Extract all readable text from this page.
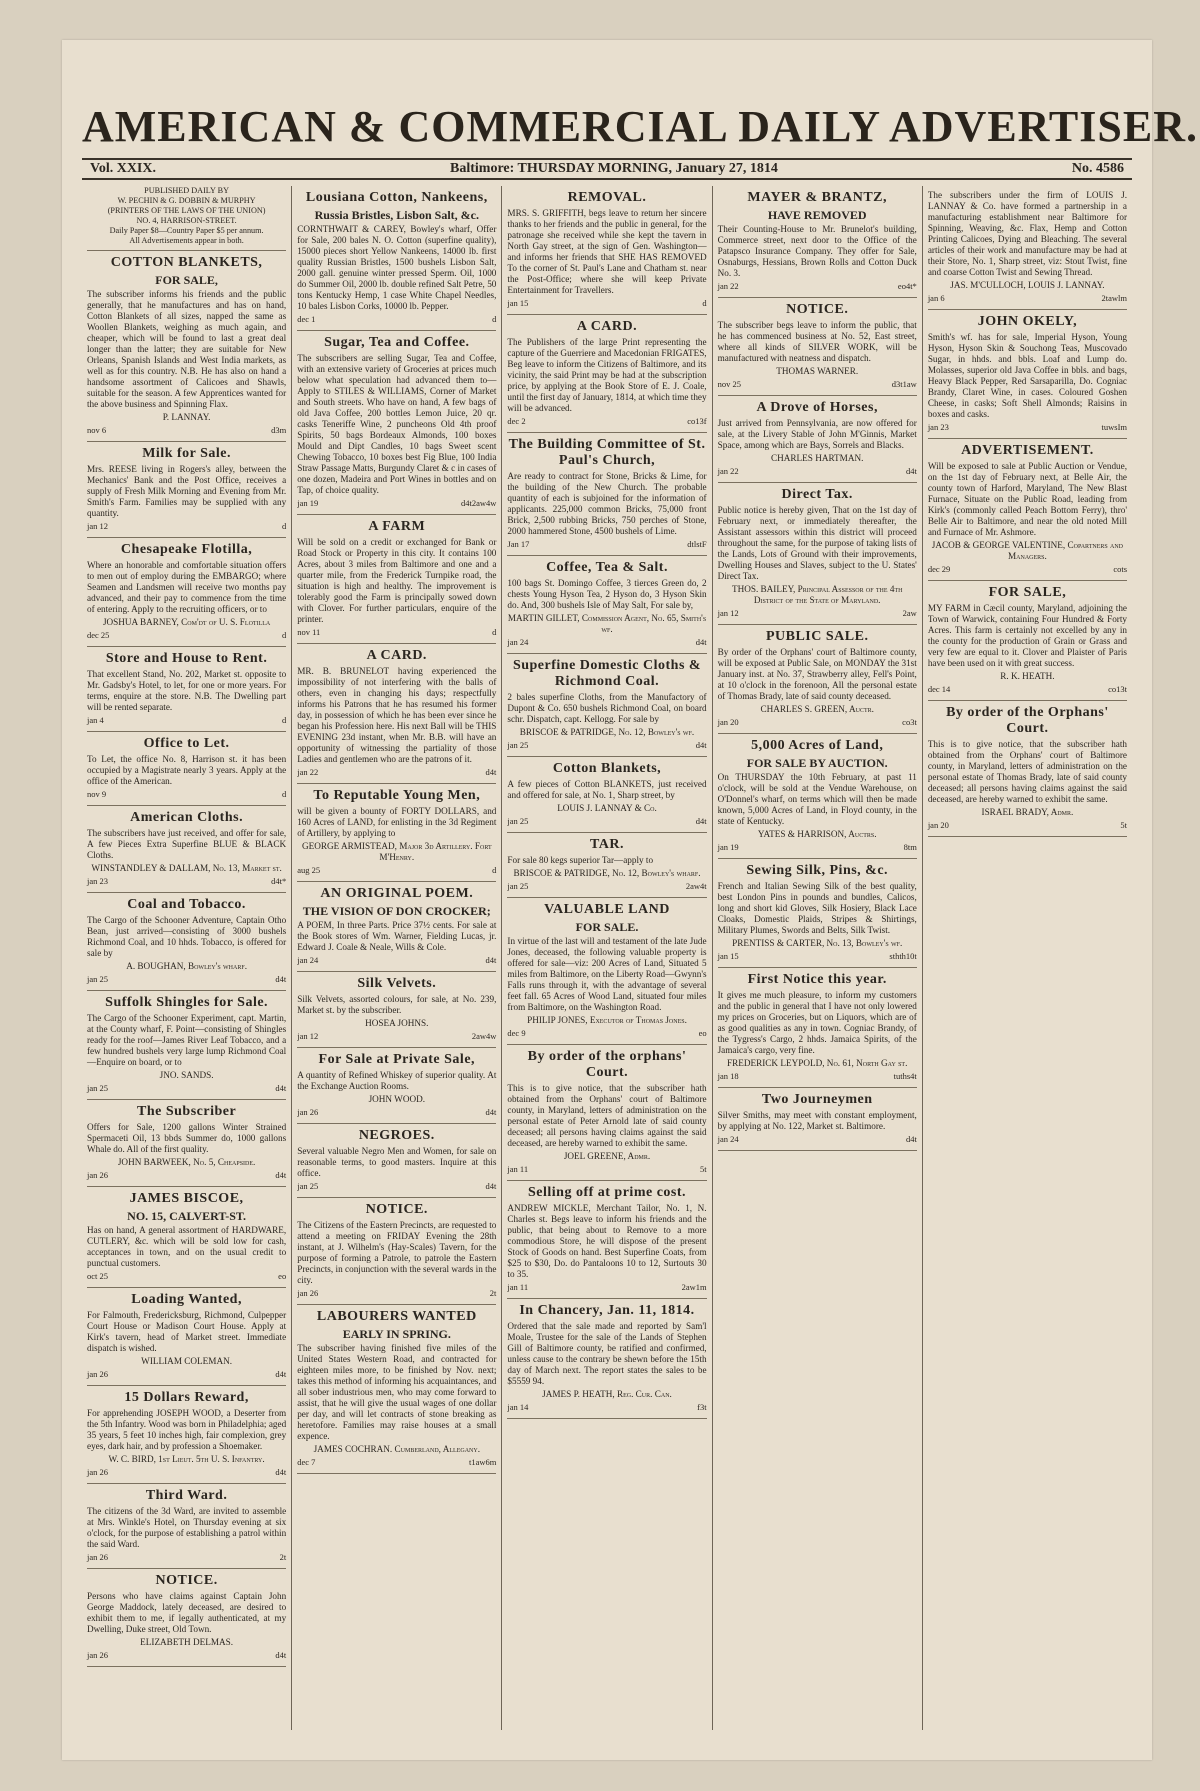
AMERICAN & COMMERCIAL DAILY ADVERTISER.
Vol. XXIX.	Baltimore: THURSDAY MORNING, January 27, 1814	No. 4586
PUBLISHED DAILY BY
W. PECHIN & G. DOBBIN & MURPHY
(PRINTERS OF THE LAWS OF THE UNION)
NO. 4, HARRISON-STREET.
Daily Paper $8—Country Paper $5 per annum.
All Advertisements appear in both.
COTTON BLANKETS,
FOR SALE,

The subscriber informs his friends and the public generally, that he manufactures and has on hand, Cotton Blankets of all sizes, napped the same as Woollen Blankets, weighing as much again, and cheaper, which will be found to last a great deal longer than the latter; they are suitable for New Orleans, Spanish Islands and West India markets, as well as for this country. N.B. He has also on hand a handsome assortment of Calicoes and Shawls, suitable for the season. A few Apprentices wanted for the above business and Spinning Flax.

P. LANNAY.
nov 6	d3m
Milk for Sale.

Mrs. REESE living in Rogers's alley, between the Mechanics' Bank and the Post Office, receives a supply of Fresh Milk Morning and Evening from Mr. Smith's Farm. Families may be supplied with any quantity.

jan 12	d
Chesapeake Flotilla,

Where an honorable and comfortable situation offers to men out of employ during the EMBARGO; where Seamen and Landsmen will receive two months pay advanced, and their pay to commence from the time of entering. Apply to the recruiting officers, or to

JOSHUA BARNEY, Com'dt of U. S. Flotilla
dec 25	d
Store and House to Rent.

That excellent Stand, No. 202, Market st. opposite to Mr. Gadsby's Hotel, to let, for one or more years. For terms, enquire at the store. N.B. The Dwelling part will be rented separate.

jan 4	d
Office to Let.

To Let, the office No. 8, Harrison st. it has been occupied by a Magistrate nearly 3 years. Apply at the office of the American.

nov 9	d
American Cloths.

The subscribers have just received, and offer for sale, A few Pieces Extra Superfine BLUE & BLACK Cloths.

WINSTANDLEY & DALLAM, No. 13, Market st.
jan 23	d4t*
Coal and Tobacco.

The Cargo of the Schooner Adventure, Captain Otho Bean, just arrived—consisting of 3000 bushels Richmond Coal, and 10 hhds. Tobacco, is offered for sale by

A. BOUGHAN, Bowley's wharf.
jan 25	d4t
Suffolk Shingles for Sale.

The Cargo of the Schooner Experiment, capt. Martin, at the County wharf, F. Point—consisting of Shingles ready for the roof—James River Leaf Tobacco, and a few hundred bushels very large lump Richmond Coal—Enquire on board, or to

JNO. SANDS.
jan 25	d4t
The Subscriber

Offers for Sale, 1200 gallons Winter Strained Spermaceti Oil, 13 bbds Summer do, 1000 gallons Whale do. All of the first quality.

JOHN BARWEEK, No. 5, Cheapside.
jan 26	d4t
JAMES BISCOE,
NO. 15, CALVERT-ST.

Has on hand, A general assortment of HARDWARE, CUTLERY, &c. which will be sold low for cash, acceptances in town, and on the usual credit to punctual customers.

oct 25	eo
Loading Wanted,

For Falmouth, Fredericksburg, Richmond, Culpepper Court House or Madison Court House. Apply at Kirk's tavern, head of Market street. Immediate dispatch is wished.

WILLIAM COLEMAN.
jan 26	d4t
15 Dollars Reward,

For apprehending JOSEPH WOOD, a Deserter from the 5th Infantry. Wood was born in Philadelphia; aged 35 years, 5 feet 10 inches high, fair complexion, grey eyes, dark hair, and by profession a Shoemaker.

W. C. BIRD, 1st Lieut. 5th U. S. Infantry.
jan 26	d4t
Third Ward.

The citizens of the 3d Ward, are invited to assemble at Mrs. Winkle's Hotel, on Thursday evening at six o'clock, for the purpose of establishing a patrol within the said Ward.

jan 26	2t
NOTICE.

Persons who have claims against Captain John George Maddock, lately deceased, are desired to exhibit them to me, if legally authenticated, at my Dwelling, Duke street, Old Town.

ELIZABETH DELMAS.
jan 26	d4t
Lousiana Cotton, Nankeens,
Russia Bristles, Lisbon Salt, &c.

CORNTHWAIT & CAREY, Bowley's wharf, Offer for Sale, 200 bales N. O. Cotton (superfine quality), 15000 pieces short Yellow Nankeens, 14000 lb. first quality Russian Bristles, 1500 bushels Lisbon Salt, 2000 gall. genuine winter pressed Sperm. Oil, 1000 do Summer Oil, 2000 lb. double refined Salt Petre, 50 tons Kentucky Hemp, 1 case White Chapel Needles, 10 bales Lisbon Corks, 10000 lb. Pepper.

dec 1	d
Sugar, Tea and Coffee.

The subscribers are selling Sugar, Tea and Coffee, with an extensive variety of Groceries at prices much below what speculation had advanced them to—Apply to STILES & WILLIAMS, Corner of Market and South streets. Who have on hand, A few bags of old Java Coffee, 200 bottles Lemon Juice, 20 qr. casks Teneriffe Wine, 2 puncheons Old 4th proof Spirits, 50 bags Bordeaux Almonds, 100 boxes Mould and Dipt Candles, 10 bags Sweet scent Chewing Tobacco, 10 boxes best Fig Blue, 100 India Straw Passage Matts, Burgundy Claret & c in cases of one dozen, Madeira and Port Wines in bottles and on Tap, of choice quality.

jan 19	d4t2aw4w
A FARM

Will be sold on a credit or exchanged for Bank or Road Stock or Property in this city. It contains 100 Acres, about 3 miles from Baltimore and one and a quarter mile, from the Frederick Turnpike road, the situation is high and healthy. The improvement is tolerably good the Farm is principally sowed down with Clover. For further particulars, enquire of the printer.

nov 11	d
A CARD.

MR. B. BRUNELOT having experienced the impossibility of not interfering with the balls of others, even in changing his days; respectfully informs his Patrons that he has resumed his former day, in possession of which he has been ever since he began his Profession here. His next Ball will be THIS EVENING 23d instant, when Mr. B.B. will have an opportunity of witnessing the partiality of those Ladies and gentlemen who are the patrons of it.

jan 22	d4t
To Reputable Young Men,

will be given a bounty of FORTY DOLLARS, and 160 Acres of LAND, for enlisting in the 3d Regiment of Artillery, by applying to

GEORGE ARMISTEAD, Major 3d Artillery. Fort M'Henry.
aug 25	d
AN ORIGINAL POEM.
THE VISION OF DON CROCKER;

A POEM, In three Parts. Price 37½ cents. For sale at the Book stores of Wm. Warner, Fielding Lucas, jr. Edward J. Coale & Neale, Wills & Cole.

jan 24	d4t
Silk Velvets.

Silk Velvets, assorted colours, for sale, at No. 239, Market st. by the subscriber.

HOSEA JOHNS.
jan 12	2aw4w
For Sale at Private Sale,

A quantity of Refined Whiskey of superior quality. At the Exchange Auction Rooms.

JOHN WOOD.
jan 26	d4t
NEGROES.

Several valuable Negro Men and Women, for sale on reasonable terms, to good masters. Inquire at this office.

jan 25	d4t
NOTICE.

The Citizens of the Eastern Precincts, are requested to attend a meeting on FRIDAY Evening the 28th instant, at J. Wilhelm's (Hay-Scales) Tavern, for the purpose of forming a Patrole, to patrole the Eastern Precincts, in conjunction with the several wards in the city.

jan 26	2t
LABOURERS WANTED
EARLY IN SPRING.

The subscriber having finished five miles of the United States Western Road, and contracted for eighteen miles more, to be finished by Nov. next; takes this method of informing his acquaintances, and all sober industrious men, who may come forward to assist, that he will give the usual wages of one dollar per day, and will let contracts of stone breaking as heretofore. Families may raise houses at a small expence.

JAMES COCHRAN. Cumberland, Allegany.
dec 7	t1aw6m
REMOVAL.

MRS. S. GRIFFITH, begs leave to return her sincere thanks to her friends and the public in general, for the patronage she received while she kept the tavern in North Gay street, at the sign of Gen. Washington—and informs her friends that SHE HAS REMOVED To the corner of St. Paul's Lane and Chatham st. near the Post-Office; where she will keep Private Entertainment for Travellers.

jan 15	d
A CARD.

The Publishers of the large Print representing the capture of the Guerriere and Macedonian FRIGATES, Beg leave to inform the Citizens of Baltimore, and its vicinity, the said Print may be had at the subscription price, by applying at the Book Store of E. J. Coale, until the first day of January, 1814, at which time they will be advanced.

dec 2	co13f
The Building Committee of St. Paul's Church,

Are ready to contract for Stone, Bricks & Lime, for the building of the New Church. The probable quantity of each is subjoined for the information of applicants. 225,000 common Bricks, 75,000 front Brick, 2,500 rubbing Bricks, 750 perches of Stone, 2000 hammered Stone, 4500 bushels of Lime.

Jan 17	dtlstF
Coffee, Tea & Salt.

100 bags St. Domingo Coffee, 3 tierces Green do, 2 chests Young Hyson Tea, 2 Hyson do, 3 Hyson Skin do. And, 300 bushels Isle of May Salt, For sale by,

MARTIN GILLET, Commission Agent, No. 65, Smith's wf.
jan 24	d4t
Superfine Domestic Cloths & Richmond Coal.

2 bales superfine Cloths, from the Manufactory of Dupont & Co. 650 bushels Richmond Coal, on board schr. Dispatch, capt. Kellogg. For sale by

BRISCOE & PATRIDGE, No. 12, Bowley's wf.
jan 25	d4t
Cotton Blankets,

A few pieces of Cotton BLANKETS, just received and offered for sale, at No. 1, Sharp street, by

LOUIS J. LANNAY & Co.
jan 25	d4t
TAR.

For sale 80 kegs superior Tar—apply to

BRISCOE & PATRIDGE, No. 12, Bowley's wharf.
jan 25	2aw4t
VALUABLE LAND
FOR SALE.

In virtue of the last will and testament of the late Jude Jones, deceased, the following valuable property is offered for sale—viz: 200 Acres of Land, Situated 5 miles from Baltimore, on the Liberty Road—Gwynn's Falls runs through it, with the advantage of several feet fall. 65 Acres of Wood Land, situated four miles from Baltimore, on the Washington Road.

PHILIP JONES, Executor of Thomas Jones.
dec 9	eo
By order of the orphans' Court.

This is to give notice, that the subscriber hath obtained from the Orphans' court of Baltimore county, in Maryland, letters of administration on the personal estate of Peter Arnold late of said county deceased; all persons having claims against the said deceased, are hereby warned to exhibit the same.

JOEL GREENE, Admr.
jan 11	5t
Selling off at prime cost.

ANDREW MICKLE, Merchant Tailor, No. 1, N. Charles st. Begs leave to inform his friends and the public, that being about to Remove to a more commodious Store, he will dispose of the present Stock of Goods on hand. Best Superfine Coats, from $25 to $30, Do. do Pantaloons 10 to 12, Surtouts 30 to 35.

jan 11	2aw1m
In Chancery, Jan. 11, 1814.

Ordered that the sale made and reported by Sam'l Moale, Trustee for the sale of the Lands of Stephen Gill of Baltimore county, be ratified and confirmed, unless cause to the contrary be shewn before the 15th day of March next. The report states the sales to be $5559 94.

JAMES P. HEATH, Reg. Cur. Can.
jan 14	f3t
MAYER & BRANTZ,
HAVE REMOVED

Their Counting-House to Mr. Brunelot's building, Commerce street, next door to the Office of the Patapsco Insurance Company. They offer for Sale, Osnaburgs, Hessians, Brown Rolls and Cotton Duck No. 3.

jan 22	eo4t*
NOTICE.

The subscriber begs leave to inform the public, that he has commenced business at No. 52, East street, where all kinds of SILVER WORK, will be manufactured with neatness and dispatch.

THOMAS WARNER.
nov 25	d3t1aw
A Drove of Horses,

Just arrived from Pennsylvania, are now offered for sale, at the Livery Stable of John M'Ginnis, Market Space, among which are Bays, Sorrels and Blacks.

CHARLES HARTMAN.
jan 22	d4t
Direct Tax.

Public notice is hereby given, That on the 1st day of February next, or immediately thereafter, the Assistant assessors within this district will proceed throughout the same, for the purpose of taking lists of the Lands, Lots of Ground with their improvements, Dwelling Houses and Slaves, subject to the U. States' Direct Tax.

THOS. BAILEY, Principal Assessor of the 4th District of the State of Maryland.
jan 12	2aw
PUBLIC SALE.

By order of the Orphans' court of Baltimore county, will be exposed at Public Sale, on MONDAY the 31st January inst. at No. 37, Strawberry alley, Fell's Point, at 10 o'clock in the forenoon, All the personal estate of Thomas Brady, late of said county deceased.

CHARLES S. GREEN, Auctr.
jan 20	co3t
5,000 Acres of Land,
FOR SALE BY AUCTION.

On THURSDAY the 10th February, at past 11 o'clock, will be sold at the Vendue Warehouse, on O'Donnel's wharf, on terms which will then be made known, 5,000 Acres of Land, in Floyd county, in the state of Kentucky.

YATES & HARRISON, Auctrs.
jan 19	8tm
Sewing Silk, Pins, &c.

French and Italian Sewing Silk of the best quality, best London Pins in pounds and bundles, Calicos, long and short kid Gloves, Silk Hosiery, Black Lace Cloaks, Domestic Plaids, Stripes & Shirtings, Military Plumes, Swords and Belts, Silk Twist.

PRENTISS & CARTER, No. 13, Bowley's wf.
jan 15	sthth10t
First Notice this year.

It gives me much pleasure, to inform my customers and the public in general that I have not only lowered my prices on Groceries, but on Liquors, which are of as good qualities as any in town. Cogniac Brandy, of the Tygress's Cargo, 2 hhds. Jamaica Spirits, of the Jamaica's cargo, very fine.

FREDERICK LEYPOLD, No. 61, North Gay st.
jan 18	tuths4t
Two Journeymen

Silver Smiths, may meet with constant employment, by applying at No. 122, Market st. Baltimore.

jan 24	d4t

The subscribers under the firm of LOUIS J. LANNAY & Co. have formed a partnership in a manufacturing establishment near Baltimore for Spinning, Weaving, &c. Flax, Hemp and Cotton Printing Calicoes, Dying and Bleaching. The several articles of their work and manufacture may be had at their Store, No. 1, Sharp street, viz: Stout Twist, fine and coarse Cotton Twist and Sewing Thread.

JAS. M'CULLOCH, LOUIS J. LANNAY.
jan 6	2tawlm
JOHN OKELY,

Smith's wf. has for sale, Imperial Hyson, Young Hyson, Hyson Skin & Souchong Teas, Muscovado Sugar, in hhds. and bbls. Loaf and Lump do. Molasses, superior old Java Coffee in bbls. and bags, Heavy Black Pepper, Red Sarsaparilla, Do. Cogniac Brandy, Claret Wine, in cases. Coloured Goshen Cheese, in casks; Soft Shell Almonds; Raisins in boxes and casks.

jan 23	tuwsIm
ADVERTISEMENT.

Will be exposed to sale at Public Auction or Vendue, on the 1st day of February next, at Belle Air, the county town of Harford, Maryland, The New Blast Furnace, Situate on the Public Road, leading from Kirk's (commonly called Peach Bottom Ferry), thro' Belle Air to Baltimore, and near the old noted Mill and Furnace of Mr. Ashmore.

JACOB & GEORGE VALENTINE, Copartners and Managers.
dec 29	cots
FOR SALE,

MY FARM in Cæcil county, Maryland, adjoining the Town of Warwick, containing Four Hundred & Forty Acres. This farm is certainly not excelled by any in the county for the production of Grain or Grass and very few are equal to it. Clover and Plaister of Paris have been used on it with great success.

R. K. HEATH.
dec 14	co13t
By order of the Orphans' Court.

This is to give notice, that the subscriber hath obtained from the Orphans' court of Baltimore county, in Maryland, letters of administration on the personal estate of Thomas Brady, late of said county deceased; all persons having claims against the said deceased, are hereby warned to exhibit the same.

ISRAEL BRADY, Admr.
jan 20	5t
